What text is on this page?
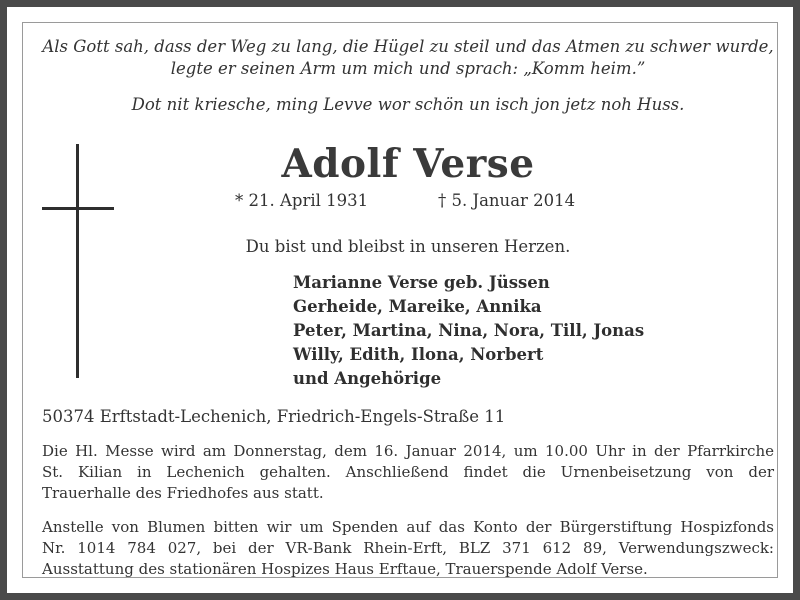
Als Gott sah, dass der Weg zu lang, die Hügel zu steil und das Atmen zu schwer wurde,
legte er seinen Arm um mich und sprach: „Komm heim.”
Dot nit kriesche, ming Levve wor schön un isch jon jetz noh Huss.
Adolf Verse
* 21. April 1931	† 5. Januar 2014
Du bist und bleibst in unseren Herzen.
Marianne Verse geb. Jüssen
Gerheide, Mareike, Annika
Peter, Martina, Nina, Nora, Till, Jonas
Willy, Edith, Ilona, Norbert
und Angehörige
50374 Erftstadt-Lechenich, Friedrich-Engels-Straße 11
Die Hl. Messe wird am Donnerstag, dem 16. Januar 2014, um 10.00 Uhr in der Pfarrkirche
St. Kilian in Lechenich gehalten. Anschließend findet die Urnenbeisetzung von der
Trauerhalle des Friedhofes aus statt.
Anstelle von Blumen bitten wir um Spenden auf das Konto der Bürgerstiftung Hospizfonds
Nr. 1014 784 027, bei der VR-Bank Rhein-Erft, BLZ 371 612 89, Verwendungszweck:
Ausstattung des stationären Hospizes Haus Erftaue, Trauerspende Adolf Verse.
